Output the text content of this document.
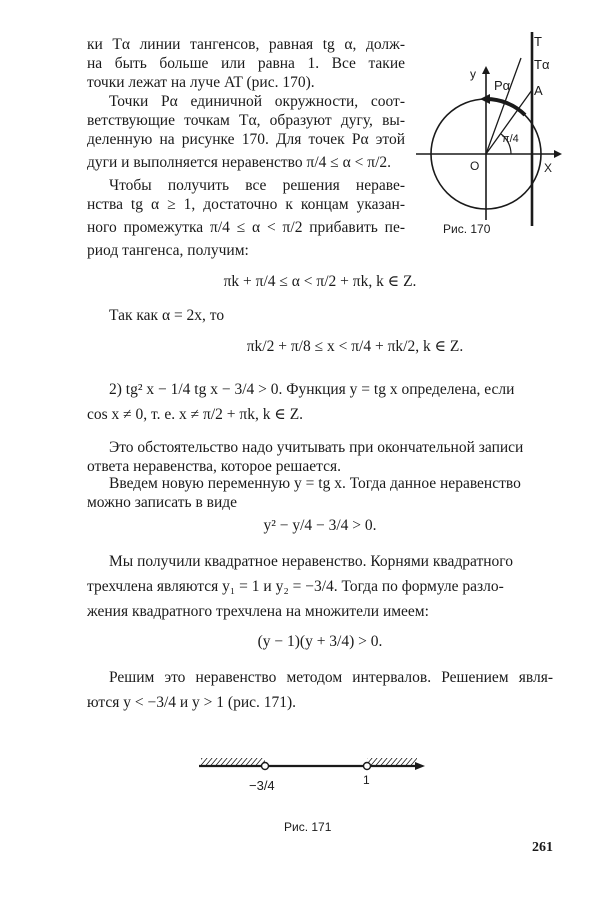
T
Tα
A
Pα
y
X
O
π/4
Рис. 170
ки Tα линии тангенсов, равная tg α, долж-
на быть больше или равна 1. Все такие
точки лежат на луче AT (рис. 170).
Точки Pα единичной окружности, соот-
ветствующие точкам Tα, образуют дугу, вы-
деленную на рисунке 170. Для точек Pα этой
дуги и выполняется неравенство π/4 ≤ α < π/2.
Чтобы получить все решения нераве-
нства tg α ≥ 1, достаточно к концам указан-
ного промежутка π/4 ≤ α < π/2 прибавить пе-
риод тангенса, получим:
πk + π/4 ≤ α < π/2 + πk, k ∈ Z.
Так как α = 2x, то
πk/2 + π/8 ≤ x < π/4 + πk/2, k ∈ Z.
2) tg² x − 1/4 tg x − 3/4 > 0. Функция y = tg x определена, если
cos x ≠ 0, т. е. x ≠ π/2 + πk, k ∈ Z.
Это обстоятельство надо учитывать при окончательной записи
ответа неравенства, которое решается.
Введем новую переменную y = tg x. Тогда данное неравенство
можно записать в виде
y² − y/4 − 3/4 > 0.
Мы получили квадратное неравенство. Корнями квадратного
трехчлена являются y₁ = 1 и y₂ = −3/4. Тогда по формуле разло-
жения квадратного трехчлена на множители имеем:
(y − 1)(y + 3/4) > 0.
Решим это неравенство методом интервалов. Решением явля-
ются y < −3/4 и y > 1 (рис. 171).
−3/4	1
Рис. 171
261
